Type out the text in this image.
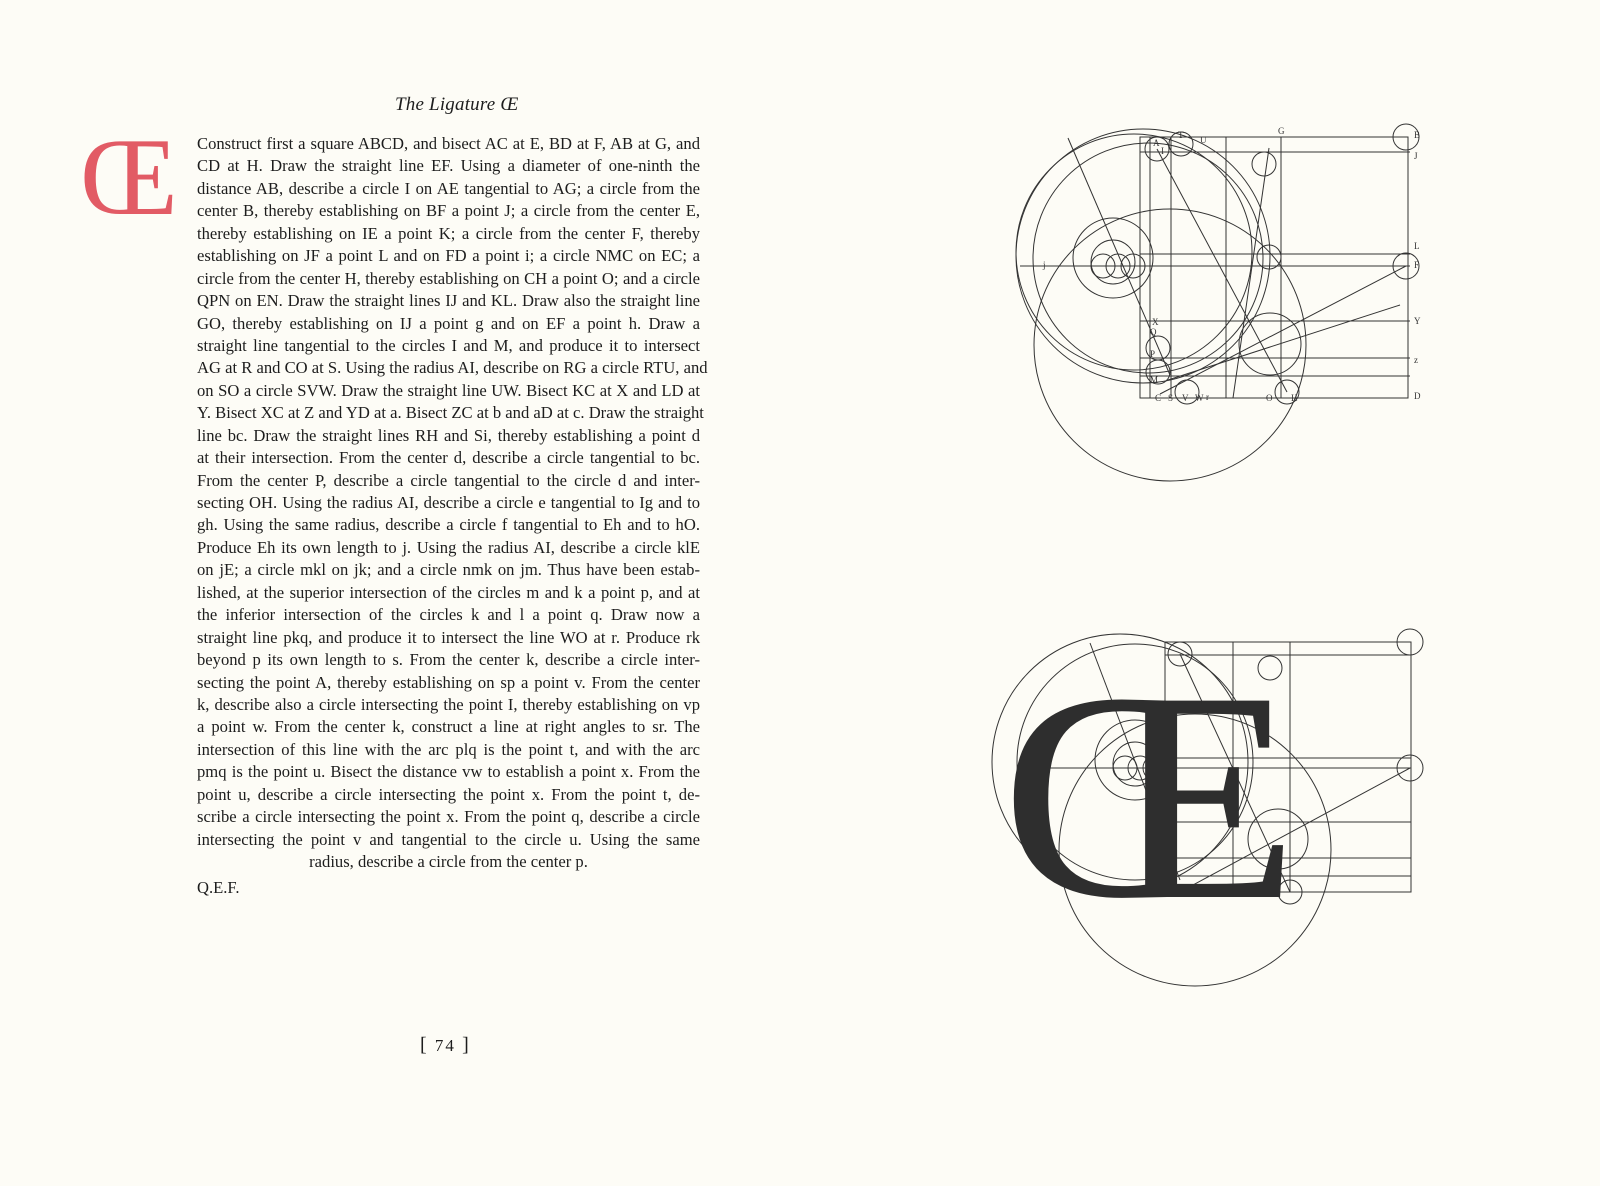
The Ligature Œ
Œ Construct first a square ABCD, and bisect AC at E, BD at F, AB at G, and
CD at H. Draw the straight line EF. Using a diameter of one-ninth the
distance AB, describe a circle I on AE tangential to AG; a circle from the
center B, thereby establishing on BF a point J; a circle from the center E,
thereby establishing on IE a point K; a circle from the center F, thereby
establishing on JF a point L and on FD a point i; a circle NMC on EC; a
circle from the center H, thereby establishing on CH a point O; and a circle
QPN on EN. Draw the straight lines IJ and KL. Draw also the straight line
GO, thereby establishing on IJ a point g and on EF a point h. Draw a
straight line tangential to the circles I and M, and produce it to intersect
AG at R and CO at S. Using the radius AI, describe on RG a circle RTU, and
on SO a circle SVW. Draw the straight line UW. Bisect KC at X and LD at
Y. Bisect XC at Z and YD at a. Bisect ZC at b and aD at c. Draw the straight
line bc. Draw the straight lines RH and Si, thereby establishing a point d
at their intersection. From the center d, describe a circle tangential to bc.
From the center P, describe a circle tangential to the circle d and inter-
secting OH. Using the radius AI, describe a circle e tangential to Ig and to
gh. Using the same radius, describe a circle f tangential to Eh and to hO.
Produce Eh its own length to j. Using the radius AI, describe a circle klE
on jE; a circle mkl on jk; and a circle nmk on jm. Thus have been estab-
lished, at the superior intersection of the circles m and k a point p, and at
the inferior intersection of the circles k and l a point q. Draw now a
straight line pkq, and produce it to intersect the line WO at r. Produce rk
beyond p its own length to s. From the center k, describe a circle inter-
secting the point A, thereby establishing on sp a point v. From the center
k, describe also a circle intersecting the point I, thereby establishing on vp
a point w. From the center k, construct a line at right angles to sr. The
intersection of this line with the arc plq is the point t, and with the arc
pmq is the point u. Bisect the distance vw to establish a point x. From the
point u, describe a circle intersecting the point x. From the point t, de-
scribe a circle intersecting the point x. From the point q, describe a circle
intersecting the point v and tangential to the circle u. Using the same
radius, describe a circle from the center p.
Q.E.F.
[ 74 ]
A
B
G
J
L
F
Y
D
C	H
O
S V W r
T U
I
M
P
Q
X
z
j
Œ
